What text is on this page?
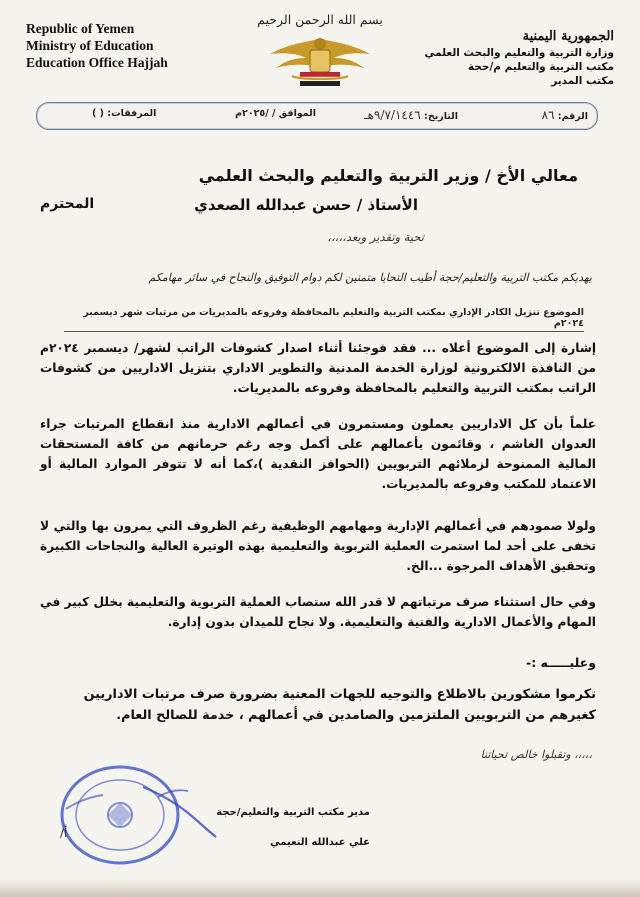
Republic of Yemen
Ministry of Education
Education Office Hajjah
بسم الله الرحمن الرحيم
الجمهورية اليمنية
وزارة التربية والتعليم والبحث العلمي
مكتب التربية والتعليم م/حجة
مكتب المدير
الرقم: ٨٦
التاريخ: ٩/٧/١٤٤٦هـ
الموافق / /٢٠٢٥م
المرفقات: ( )
معالي الأخ / وزير التربية والتعليم والبحث العلمي
الأستاذ / حسن عبدالله الصعدي
المحترم
تحية وتقدير وبعد،،،،،
يهديكم مكتب التربية والتعليم/حجة أطيب التحايا متمنين لكم دوام التوفيق والنجاح في سائر مهامكم
الموضوع تنزيل الكادر الإداري بمكتب التربية والتعليم بالمحافظة وفروعه بالمديريات من مرتبات شهر ديسمبر ٢٠٢٤م
إشارة إلى الموضوع أعلاه ... فقد فوجئنا أثناء اصدار كشوفات الراتب لشهر/ ديسمبر ٢٠٢٤م من النافذة الالكترونية لوزارة الخدمة المدنية والتطوير الاداري بتنزيل الاداريين من كشوفات الراتب بمكتب التربية والتعليم بالمحافظة وفروعه بالمديريات.
علماً بأن كل الاداريين يعملون ومستمرون في أعمالهم الادارية منذ انقطاع المرتبات جراء العدوان الغاشم ، وقائمون بأعمالهم على أكمل وجه رغم حرمانهم من كافة المستحقات المالية الممنوحة لزملائهم التربويين (الحوافز النقدية )،كما أنه لا تتوفر الموارد المالية أو الاعتماد للمكتب وفروعه بالمديريات.
ولولا صمودهم في أعمالهم الإدارية ومهامهم الوظيفية رغم الظروف التي يمرون بها والتي لا تخفى على أحد لما استمرت العملية التربوية والتعليمية بهذه الوتيرة العالية والنجاحات الكبيرة وتحقيق الأهداف المرجوة ...الخ.
وفي حال استثناء صرف مرتباتهم لا قدر الله ستصاب العملية التربوية والتعليمية بخلل كبير في المهام والأعمال الادارية والفنية والتعليمية. ولا نجاح للميدان بدون إدارة.
وعليـــــه :-
تكرموا مشكورين بالاطلاع والتوجيه للجهات المعنية بضرورة صرف مرتبات الاداريين كغيرهم من التربويين الملتزمين والصامدين في أعمالهم ، خدمة للصالح العام.
وتقبلوا خالص تحياتنا ،،،،،
مدير مكتب التربية والتعليم/حجة
علي عبدالله النعيمي
أ/
